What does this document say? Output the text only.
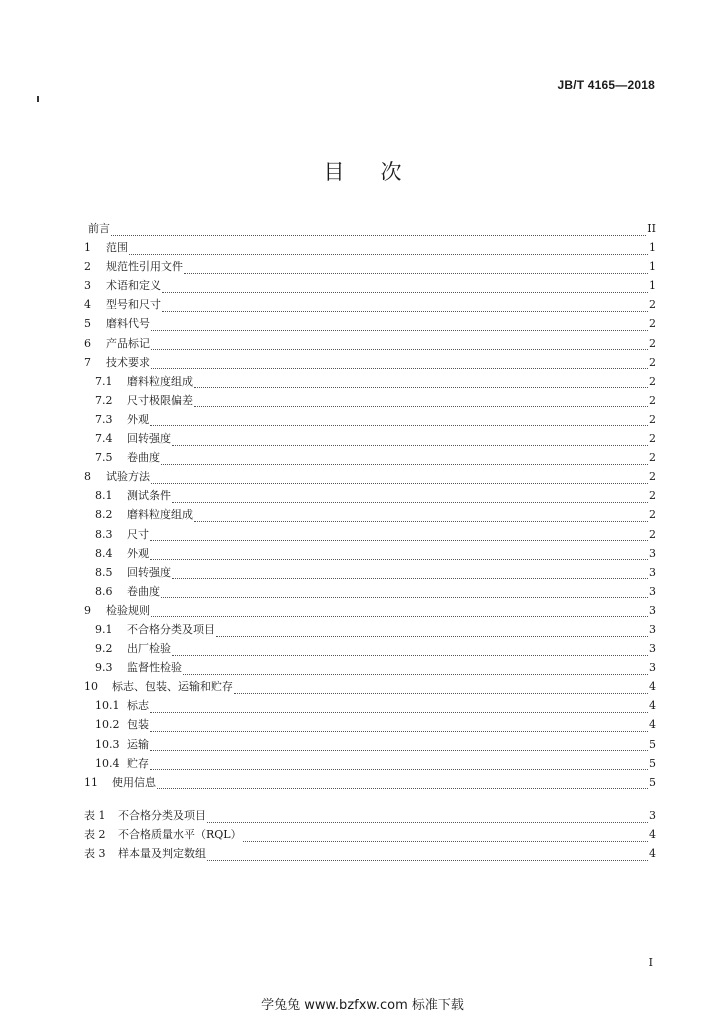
JB/T 4165—2018
目次
前言	II
1	范围	1
2	规范性引用文件	1
3	术语和定义	1
4	型号和尺寸	2
5	磨料代号	2
6	产品标记	2
7	技术要求	2
7.1	磨料粒度组成	2
7.2	尺寸极限偏差	2
7.3	外观	2
7.4	回转强度	2
7.5	卷曲度	2
8	试验方法	2
8.1	测试条件	2
8.2	磨料粒度组成	2
8.3	尺寸	2
8.4	外观	3
8.5	回转强度	3
8.6	卷曲度	3
9	检验规则	3
9.1	不合格分类及项目	3
9.2	出厂检验	3
9.3	监督性检验	3
10	标志、包装、运输和贮存	4
10.1 标志	4
10.2 包装	4
10.3 运输	5
10.4 贮存	5
11	使用信息	5
表 1	不合格分类及项目	3
表 2	不合格质量水平（RQL）	4
表 3	样本量及判定数组	4
I
学兔兔 www.bzfxw.com 标准下载
